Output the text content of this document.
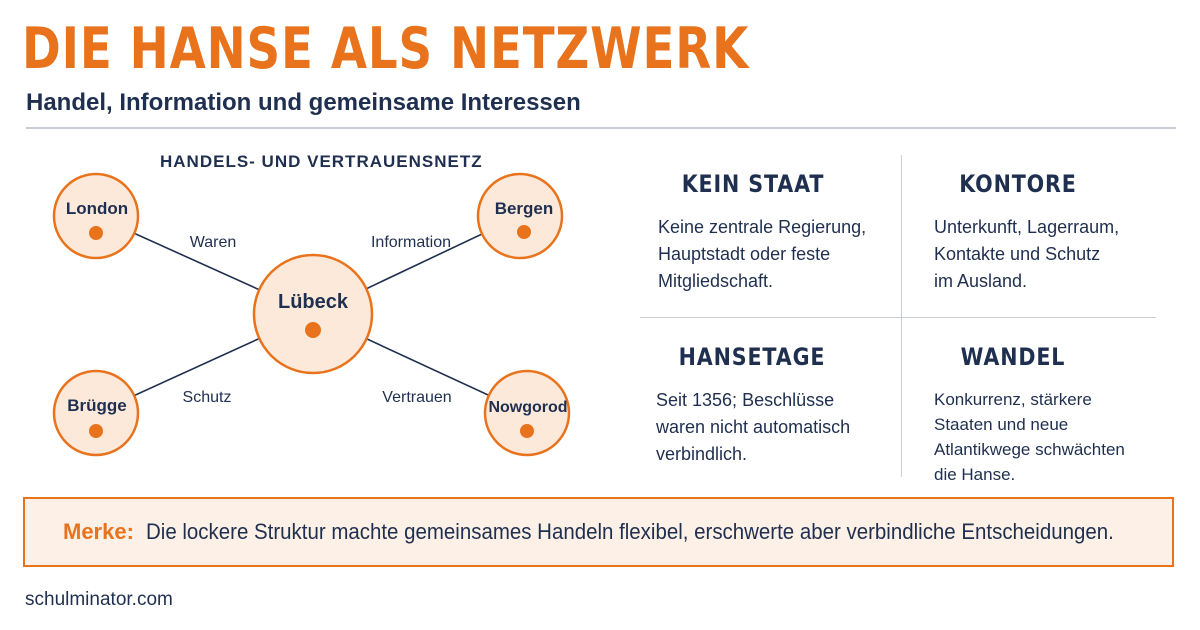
DIE HANSE ALS NETZWERK
Handel, Information und gemeinsame Interessen
HANDELS- UND VERTRAUENSNETZ
Waren	Information
Schutz	Vertrauen
London	Bergen
Brügge	Nowgorod
Lübeck
KEIN STAAT

Keine zentrale Regierung,

Hauptstadt oder feste

Mitgliedschaft.

KONTORE

Unterkunft, Lagerraum,

Kontakte und Schutz

im Ausland.

HANSETAGE

Seit 1356; Beschlüsse

waren nicht automatisch

verbindlich.

WANDEL

Konkurrenz, stärkere

Staaten und neue

Atlantikwege schwächten

die Hanse.

Merke: Die lockere Struktur machte gemeinsames Handeln flexibel, erschwerte aber verbindliche Entscheidungen.
schulminator.com
